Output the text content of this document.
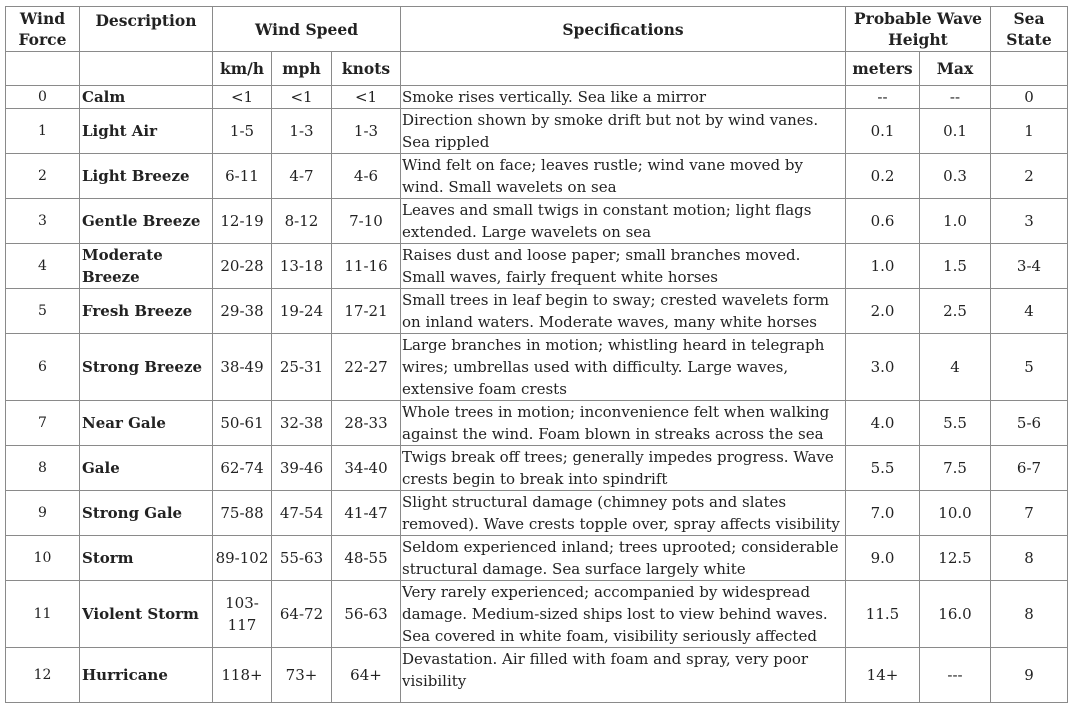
Wind Force	Description	Wind Speed			Specifications	Probable Wave Height		Sea State
		km/h	mph	knots		meters	Max	
0	Calm	<1	<1	<1	Smoke rises vertically. Sea like a mirror	--	--	0
1	Light Air	1-5	1-3	1-3	Direction shown by smoke drift but not by wind vanes. Sea rippled	0.1	0.1	1
2	Light Breeze	6-11	4-7	4-6	Wind felt on face; leaves rustle; wind vane moved by wind. Small wavelets on sea	0.2	0.3	2
3	Gentle Breeze	12-19	8-12	7-10	Leaves and small twigs in constant motion; light flags extended. Large wavelets on sea	0.6	1.0	3
4	Moderate Breeze	20-28	13-18	11-16	Raises dust and loose paper; small branches moved. Small waves, fairly frequent white horses	1.0	1.5	3-4
5	Fresh Breeze	29-38	19-24	17-21	Small trees in leaf begin to sway; crested wavelets form on inland waters. Moderate waves, many white horses	2.0	2.5	4
6	Strong Breeze	38-49	25-31	22-27	Large branches in motion; whistling heard in telegraph wires; umbrellas used with difficulty. Large waves, extensive foam crests	3.0	4	5
7	Near Gale	50-61	32-38	28-33	Whole trees in motion; inconvenience felt when walking against the wind. Foam blown in streaks across the sea	4.0	5.5	5-6
8	Gale	62-74	39-46	34-40	Twigs break off trees; generally impedes progress. Wave crests begin to break into spindrift	5.5	7.5	6-7
9	Strong Gale	75-88	47-54	41-47	Slight structural damage (chimney pots and slates removed). Wave crests topple over, spray affects visibility	7.0	10.0	7
10	Storm	89-102	55-63	48-55	Seldom experienced inland; trees uprooted; considerable structural damage. Sea surface largely white	9.0	12.5	8
11	Violent Storm	103-117	64-72	56-63	Very rarely experienced; accompanied by widespread damage. Medium-sized ships lost to view behind waves. Sea covered in white foam, visibility seriously affected	11.5	16.0	8
12	Hurricane	118+	73+	64+	Devastation. Air filled with foam and spray, very poor visibility	14+	---	9
